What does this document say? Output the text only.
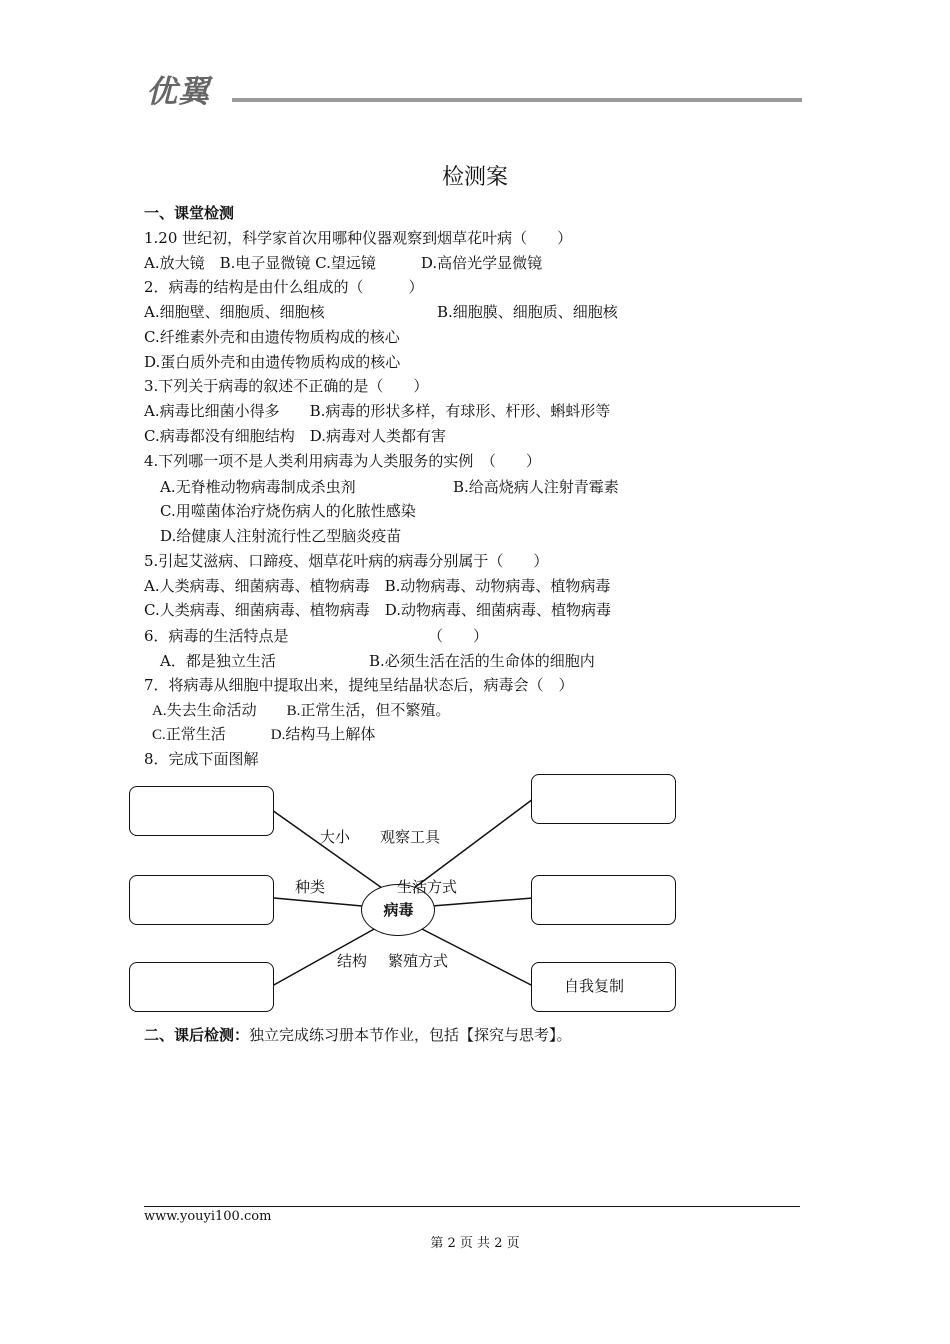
优翼
检测案
一、课堂检测
1.20 世纪初，科学家首次用哪种仪器观察到烟草花叶病（　　）
A.放大镜　B.电子显微镜 C.望远镜　　　D.高倍光学显微镜
2．病毒的结构是由什么组成的（　　　）
A.细胞壁、细胞质、细胞核	B.细胞膜、细胞质、细胞核
C.纤维素外壳和由遗传物质构成的核心
D.蛋白质外壳和由遗传物质构成的核心
3.下列关于病毒的叙述不正确的是（　　）
A.病毒比细菌小得多　　B.病毒的形状多样，有球形、杆形、蝌蚪形等
C.病毒都没有细胞结构　D.病毒对人类都有害
4.下列哪一项不是人类利用病毒为人类服务的实例　（　　）
A.无脊椎动物病毒制成杀虫剂	B.给高烧病人注射青霉素
C.用噬菌体治疗烧伤病人的化脓性感染
D.给健康人注射流行性乙型脑炎疫苗
5.引起艾滋病、口蹄疫、烟草花叶病的病毒分别属于（　　）
A.人类病毒、细菌病毒、植物病毒　B.动物病毒、动物病毒、植物病毒
C.人类病毒、细菌病毒、植物病毒　D.动物病毒、细菌病毒、植物病毒
6．病毒的生活特点是	（　　）
A．都是独立生活	B.必须生活在活的生命体的细胞内
7．将病毒从细胞中提取出来，提纯呈结晶状态后，病毒会（　）
A.失去生命活动　　B.正常生活，但不繁殖。
C.正常生活　　　D.结构马上解体
8．完成下面图解
自我复制
病毒
大小 观察工具
种类	生活方式
结构 繁殖方式
二、课后检测：独立完成练习册本节作业，包括【探究与思考】。
www.youyi100.com
第 2 页 共 2 页
